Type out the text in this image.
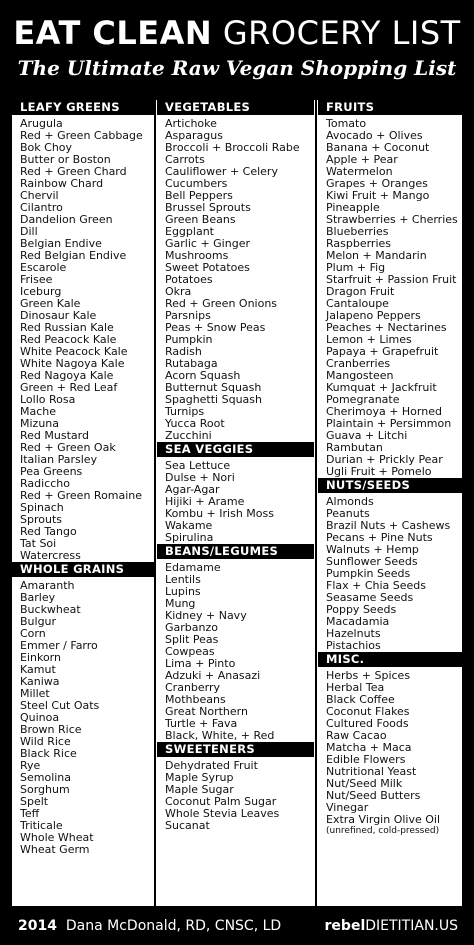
EAT CLEAN GROCERY LIST
The Ultimate Raw Vegan Shopping List
LEAFY GREENS
Arugula
Red + Green Cabbage
Bok Choy
Butter or Boston
Red + Green Chard
Rainbow Chard
Chervil
Cilantro
Dandelion Green
Dill
Belgian Endive
Red Belgian Endive
Escarole
Frisee
Iceburg
Green Kale
Dinosaur Kale
Red Russian Kale
Red Peacock Kale
White Peacock Kale
White Nagoya Kale
Red Nagoya Kale
Green + Red Leaf
Lollo Rosa
Mache
Mizuna
Red Mustard
Red + Green Oak
Italian Parsley
Pea Greens
Radiccho
Red + Green Romaine
Spinach
Sprouts
Red Tango
Tat Soi
Watercress
WHOLE GRAINS
Amaranth
Barley
Buckwheat
Bulgur
Corn
Emmer / Farro
Einkorn
Kamut
Kaniwa
Millet
Steel Cut Oats
Quinoa
Brown Rice
Wild Rice
Black Rice
Rye
Semolina
Sorghum
Spelt
Teff
Triticale
Whole Wheat
Wheat Germ
VEGETABLES
Artichoke
Asparagus
Broccoli + Broccoli Rabe
Carrots
Cauliflower + Celery
Cucumbers
Bell Peppers
Brussel Sprouts
Green Beans
Eggplant
Garlic + Ginger
Mushrooms
Sweet Potatoes
Potatoes
Okra
Red + Green Onions
Parsnips
Peas + Snow Peas
Pumpkin
Radish
Rutabaga
Acorn Squash
Butternut Squash
Spaghetti Squash
Turnips
Yucca Root
Zucchini
SEA VEGGIES
Sea Lettuce
Dulse + Nori
Agar-Agar
Hijiki + Arame
Kombu + Irish Moss
Wakame
Spirulina
BEANS/LEGUMES
Edamame
Lentils
Lupins
Mung
Kidney + Navy
Garbanzo
Split Peas
Cowpeas
Lima + Pinto
Adzuki + Anasazi
Cranberry
Mothbeans
Great Northern
Turtle + Fava
Black, White, + Red
SWEETENERS
Dehydrated Fruit
Maple Syrup
Maple Sugar
Coconut Palm Sugar
Whole Stevia Leaves
Sucanat
FRUITS
Tomato
Avocado + Olives
Banana + Coconut
Apple + Pear
Watermelon
Grapes + Oranges
Kiwi Fruit + Mango
Pineapple
Strawberries + Cherries
Blueberries
Raspberries
Melon + Mandarin
Plum + Fig
Starfruit + Passion Fruit
Dragon Fruit
Cantaloupe
Jalapeno Peppers
Peaches + Nectarines
Lemon + Limes
Papaya + Grapefruit
Cranberries
Mangosteen
Kumquat + Jackfruit
Pomegranate
Cherimoya + Horned
Plaintain + Persimmon
Guava + Litchi
Rambutan
Durian + Prickly Pear
Ugli Fruit + Pomelo
NUTS/SEEDS
Almonds
Peanuts
Brazil Nuts + Cashews
Pecans + Pine Nuts
Walnuts + Hemp
Sunflower Seeds
Pumpkin Seeds
Flax + Chia Seeds
Seasame Seeds
Poppy Seeds
Macadamia
Hazelnuts
Pistachios
MISC.
Herbs + Spices
Herbal Tea
Black Coffee
Coconut Flakes
Cultured Foods
Raw Cacao
Matcha + Maca
Edible Flowers
Nutritional Yeast
Nut/Seed Milk
Nut/Seed Butters
Vinegar
Extra Virgin Olive Oil
(unrefined, cold-pressed)
2014 Dana McDonald, RD, CNSC, LD	rebelDIETITIAN.US
